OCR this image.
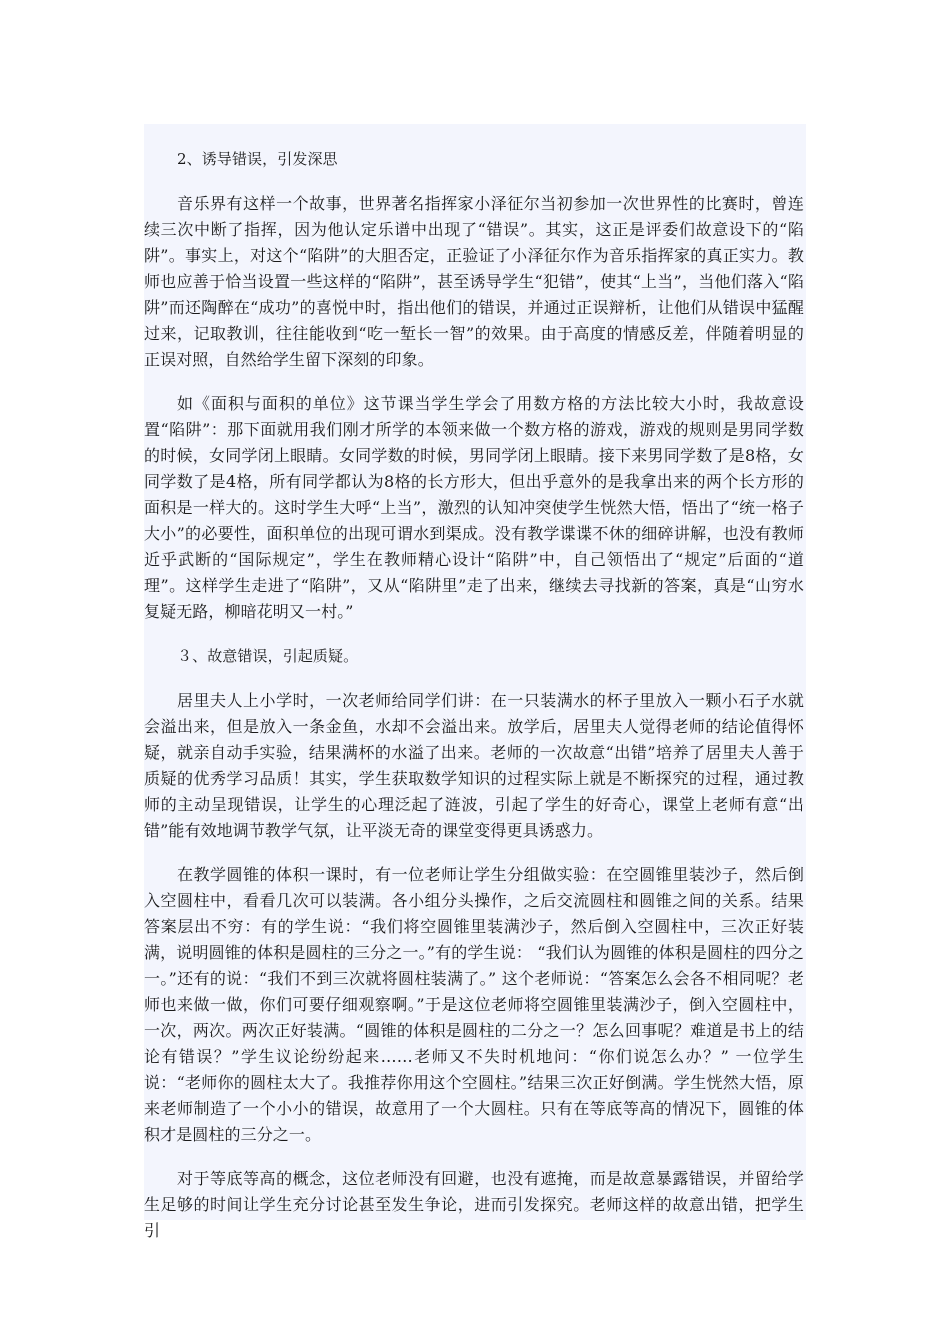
2、诱导错误，引发深思

音乐界有这样一个故事，世界著名指挥家小泽征尔当初参加一次世界性的比赛时，曾连续三次中断了指挥，因为他认定乐谱中出现了“错误”。其实，这正是评委们故意设下的“陷阱”。事实上，对这个“陷阱”的大胆否定，正验证了小泽征尔作为音乐指挥家的真正实力。教师也应善于恰当设置一些这样的“陷阱”，甚至诱导学生“犯错”，使其“上当”，当他们落入“陷阱”而还陶醉在“成功”的喜悦中时，指出他们的错误，并通过正误辩析，让他们从错误中猛醒过来，记取教训，往往能收到“吃一堑长一智”的效果。由于高度的情感反差，伴随着明显的正误对照，自然给学生留下深刻的印象。

如《面积与面积的单位》这节课当学生学会了用数方格的方法比较大小时，我故意设置“陷阱”：那下面就用我们刚才所学的本领来做一个数方格的游戏，游戏的规则是男同学数的时候，女同学闭上眼睛。女同学数的时候，男同学闭上眼睛。接下来男同学数了是8格，女同学数了是4格，所有同学都认为8格的长方形大，但出乎意外的是我拿出来的两个长方形的面积是一样大的。这时学生大呼“上当”，激烈的认知冲突使学生恍然大悟，悟出了“统一格子大小”的必要性，面积单位的出现可谓水到渠成。没有教学谍谍不休的细碎讲解，也没有教师近乎武断的“国际规定”，学生在教师精心设计“陷阱”中，自己领悟出了“规定”后面的“道理”。这样学生走进了“陷阱”，又从“陷阱里”走了出来，继续去寻找新的答案，真是“山穷水复疑无路，柳暗花明又一村。”

３、故意错误，引起质疑。

居里夫人上小学时，一次老师给同学们讲：在一只装满水的杯子里放入一颗小石子水就会溢出来，但是放入一条金鱼，水却不会溢出来。放学后，居里夫人觉得老师的结论值得怀疑，就亲自动手实验，结果满杯的水溢了出来。老师的一次故意“出错”培养了居里夫人善于质疑的优秀学习品质！其实，学生获取数学知识的过程实际上就是不断探究的过程，通过教师的主动呈现错误，让学生的心理泛起了涟波，引起了学生的好奇心，课堂上老师有意“出错”能有效地调节教学气氛，让平淡无奇的课堂变得更具诱惑力。

在教学圆锥的体积一课时，有一位老师让学生分组做实验：在空圆锥里装沙子，然后倒入空圆柱中，看看几次可以装满。各小组分头操作，之后交流圆柱和圆锥之间的关系。结果答案层出不穷：有的学生说：“我们将空圆锥里装满沙子，然后倒入空圆柱中，三次正好装满，说明圆锥的体积是圆柱的三分之一。”有的学生说： “我们认为圆锥的体积是圆柱的四分之一。”还有的说：“我们不到三次就将圆柱装满了。” 这个老师说：“答案怎么会各不相同呢？老师也来做一做，你们可要仔细观察啊。”于是这位老师将空圆锥里装满沙子，倒入空圆柱中，一次，两次。两次正好装满。“圆锥的体积是圆柱的二分之一？怎么回事呢？难道是书上的结论有错误？”学生议论纷纷起来……老师又不失时机地问：“你们说怎么办？” 一位学生说：“老师你的圆柱太大了。我推荐你用这个空圆柱。”结果三次正好倒满。学生恍然大悟，原来老师制造了一个小小的错误，故意用了一个大圆柱。只有在等底等高的情况下，圆锥的体积才是圆柱的三分之一。

对于等底等高的概念，这位老师没有回避，也没有遮掩，而是故意暴露错误，并留给学生足够的时间让学生充分讨论甚至发生争论，进而引发探究。老师这样的故意出错，把学生引
